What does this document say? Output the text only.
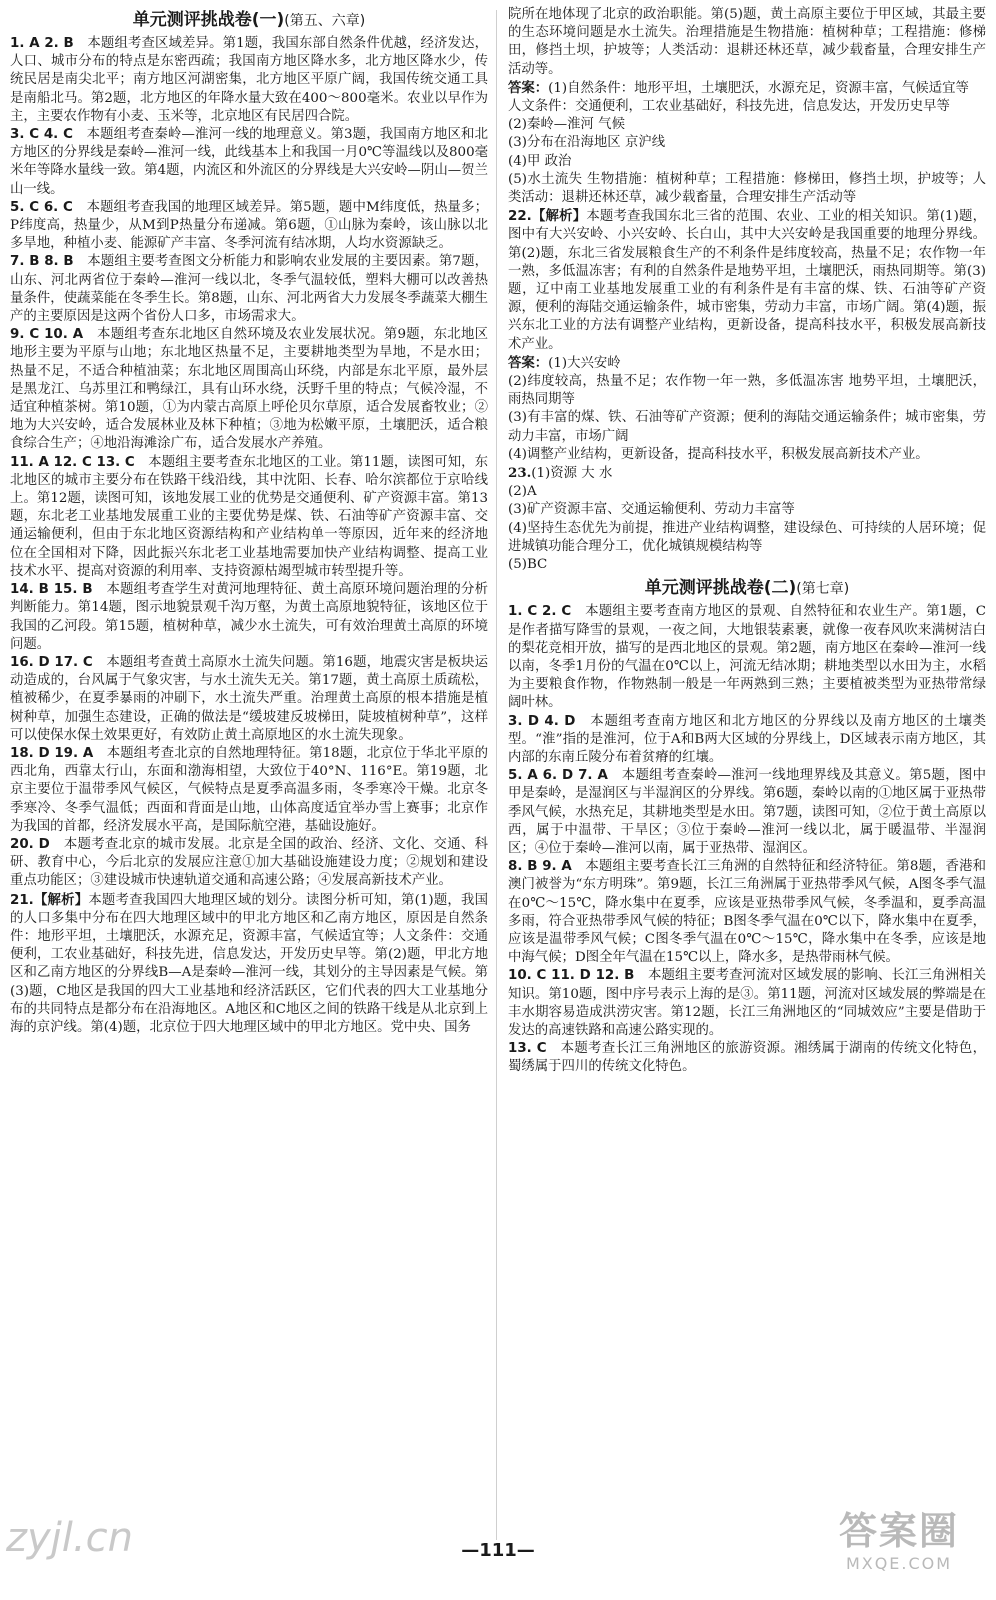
单元测评挑战卷(一)(第五、六章)

1. A 2. B　 本题组考查区域差异。第1题，我国东部自然条件优越，经济发达，人口、城市分布的特点是东密西疏；我国南方地区降水多，北方地区降水少，传统民居是南尖北平；南方地区河湖密集，北方地区平原广阔，我国传统交通工具是南船北马。第2题，北方地区的年降水量大致在400～800毫米。农业以早作为主，主要农作物有小麦、玉米等，北京地区有民居四合院。

3. C 4. C　 本题组考查秦岭—淮河一线的地理意义。第3题，我国南方地区和北方地区的分界线是秦岭—淮河一线，此线基本上和我国一月0℃等温线以及800毫米年等降水量线一致。第4题，内流区和外流区的分界线是大兴安岭—阴山—贺兰山一线。

5. C 6. C　 本题组考查我国的地理区域差异。第5题，题中M纬度低，热量多；P纬度高，热量少，从M到P热量分布递减。第6题，①山脉为秦岭，该山脉以北多旱地，种植小麦、能源矿产丰富、冬季河流有结冰期，人均水资源缺乏。

7. B 8. B　 本题组主要考查图文分析能力和影响农业发展的主要因素。第7题，山东、河北两省位于秦岭—淮河一线以北，冬季气温较低，塑料大棚可以改善热量条件，使蔬菜能在冬季生长。第8题，山东、河北两省大力发展冬季蔬菜大棚生产的主要原因是这两个省份人口多，市场需求大。

9. C 10. A　 本题组考查东北地区自然环境及农业发展状况。第9题，东北地区地形主要为平原与山地；东北地区热量不足，主要耕地类型为旱地，不是水田；热量不足，不适合种植油菜；东北地区周围高山环绕，内部是东北平原，最外层是黑龙江、乌苏里江和鸭绿江，具有山环水绕，沃野千里的特点；气候冷湿，不适宜种植茶树。第10题，①为内蒙古高原上呼伦贝尔草原，适合发展畜牧业；②地为大兴安岭，适合发展林业及林下种植；③地为松嫩平原，土壤肥沃，适合粮食综合生产；④地沿海滩涂广布，适合发展水产养殖。

11. A 12. C 13. C　 本题组主要考查东北地区的工业。第11题，读图可知，东北地区的城市主要分布在铁路干线沿线，其中沈阳、长春、哈尔滨都位于京哈线上。第12题，读图可知，该地发展工业的优势是交通便利、矿产资源丰富。第13题，东北老工业基地发展重工业的主要优势是煤、铁、石油等矿产资源丰富、交通运输便利，但由于东北地区资源结构和产业结构单一等原因，近年来的经济地位在全国相对下降，因此振兴东北老工业基地需要加快产业结构调整、提高工业技术水平、提高对资源的利用率、支持资源枯竭型城市转型提升等。

14. B 15. B　 本题组考查学生对黄河地理特征、黄土高原环境问题治理的分析判断能力。第14题，图示地貌景观千沟万壑，为黄土高原地貌特征，该地区位于我国的乙河段。第15题，植树种草，减少水土流失，可有效治理黄土高原的环境问题。

16. D 17. C　 本题组考查黄土高原水土流失问题。第16题，地震灾害是板块运动造成的，台风属于气象灾害，与水土流失无关。第17题，黄土高原土质疏松，植被稀少，在夏季暴雨的冲刷下，水土流失严重。治理黄土高原的根本措施是植树种草，加强生态建设，正确的做法是“缓坡建反坡梯田，陡坡植树种草”，这样可以使保水保土效果更好，有效防止黄土高原地区的水土流失现象。

18. D 19. A　 本题组考查北京的自然地理特征。第18题，北京位于华北平原的西北角，西靠太行山，东面和渤海相望，大致位于40°N、116°E。第19题，北京主要位于温带季风气候区，气候特点是夏季高温多雨，冬季寒冷干燥。北京冬季寒冷、冬季气温低；西面和背面是山地，山体高度适宜举办雪上赛事；北京作为我国的首都，经济发展水平高，是国际航空港，基础设施好。

20. D　 本题考查北京的城市发展。北京是全国的政治、经济、文化、交通、科研、教育中心，今后北京的发展应注意①加大基础设施建设力度；②规划和建设重点功能区；③建设城市快速轨道交通和高速公路；④发展高新技术产业。

21.【解析】本题考查我国四大地理区域的划分。读图分析可知，第(1)题，我国的人口多集中分布在四大地理区域中的甲北方地区和乙南方地区，原因是自然条件：地形平坦，土壤肥沃，水源充足，资源丰富，气候适宜等；人文条件：交通便利，工农业基础好，科技先进，信息发达，开发历史早等。第(2)题，甲北方地区和乙南方地区的分界线B—A是秦岭—淮河一线，其划分的主导因素是气候。第(3)题，C地区是我国的四大工业基地和经济活跃区，它们代表的四大工业基地分布的共同特点是都分布在沿海地区。A地区和C地区之间的铁路干线是从北京到上海的京沪线。第(4)题，北京位于四大地理区域中的甲北方地区。党中央、国务

院所在地体现了北京的政治职能。第(5)题，黄土高原主要位于甲区域，其最主要的生态环境问题是水土流失。治理措施是生物措施：植树种草；工程措施：修梯田，修挡土坝，护坡等；人类活动：退耕还林还草，减少载畜量，合理安排生产活动等。

答案：(1)自然条件：地形平坦，土壤肥沃，水源充足，资源丰富，气候适宜等

人文条件：交通便利，工农业基础好，科技先进，信息发达，开发历史早等

(2)秦岭—淮河 气候

(3)分布在沿海地区 京沪线

(4)甲 政治

(5)水土流失 生物措施：植树种草；工程措施：修梯田，修挡土坝，护坡等；人类活动：退耕还林还草，减少载畜量，合理安排生产活动等

22.【解析】本题考查我国东北三省的范围、农业、工业的相关知识。第(1)题，图中有大兴安岭、小兴安岭、长白山，其中大兴安岭是我国重要的地理分界线。第(2)题，东北三省发展粮食生产的不利条件是纬度较高，热量不足；农作物一年一熟，多低温冻害；有利的自然条件是地势平坦，土壤肥沃，雨热同期等。第(3)题，辽中南工业基地发展重工业的有利条件是有丰富的煤、铁、石油等矿产资源，便利的海陆交通运输条件，城市密集，劳动力丰富，市场广阔。第(4)题，振兴东北工业的方法有调整产业结构，更新设备，提高科技水平，积极发展高新技术产业。

答案：(1)大兴安岭

(2)纬度较高，热量不足；农作物一年一熟，多低温冻害 地势平坦，土壤肥沃，雨热同期等

(3)有丰富的煤、铁、石油等矿产资源；便利的海陆交通运输条件；城市密集，劳动力丰富，市场广阔

(4)调整产业结构，更新设备，提高科技水平，积极发展高新技术产业。

23.(1)资源 大 水

(2)A

(3)矿产资源丰富、交通运输便利、劳动力丰富等

(4)坚持生态优先为前提，推进产业结构调整，建设绿色、可持续的人居环境；促进城镇功能合理分工，优化城镇规模结构等

(5)BC

单元测评挑战卷(二)(第七章)

1. C 2. C　 本题组主要考查南方地区的景观、自然特征和农业生产。第1题，C是作者描写降雪的景观，一夜之间，大地银装素裹，就像一夜春风吹来满树洁白的梨花竞相开放，描写的是西北地区的景观。第2题，南方地区在秦岭—淮河一线以南，冬季1月份的气温在0℃以上，河流无结冰期；耕地类型以水田为主，水稻为主要粮食作物，作物熟制一般是一年两熟到三熟；主要植被类型为亚热带常绿阔叶林。

3. D 4. D　 本题组考查南方地区和北方地区的分界线以及南方地区的土壤类型。“淮”指的是淮河，位于A和B两大区域的分界线上，D区域表示南方地区，其内部的东南丘陵分布着贫瘠的红壤。

5. A 6. D 7. A　 本题组考查秦岭—淮河一线地理界线及其意义。第5题，图中甲是秦岭，是湿润区与半湿润区的分界线。第6题，秦岭以南的①地区属于亚热带季风气候，水热充足，其耕地类型是水田。第7题，读图可知，②位于黄土高原以西，属于中温带、干旱区；③位于秦岭—淮河一线以北，属于暖温带、半湿润区；④位于秦岭—淮河以南，属于亚热带、湿润区。

8. B 9. A　 本题组主要考查长江三角洲的自然特征和经济特征。第8题，香港和澳门被誉为“东方明珠”。第9题，长江三角洲属于亚热带季风气候，A图冬季气温在0℃～15℃，降水集中在夏季，应该是亚热带季风气候，冬季温和，夏季高温多雨，符合亚热带季风气候的特征；B图冬季气温在0℃以下，降水集中在夏季，应该是温带季风气候；C图冬季气温在0℃～15℃，降水集中在冬季，应该是地中海气候；D图全年气温在15℃以上，降水多，是热带雨林气候。

10. C 11. D 12. B　 本题组主要考查河流对区域发展的影响、长江三角洲相关知识。第10题，图中序号表示上海的是③。第11题，河流对区域发展的弊端是在丰水期容易造成洪涝灾害。第12题，长江三角洲地区的“同城效应”主要是借助于发达的高速铁路和高速公路实现的。

13. C　 本题考查长江三角洲地区的旅游资源。湘绣属于湖南的传统文化特色，蜀绣属于四川的传统文化特色。

—111—
zyjl.cn	答案圈
MXQE.COM
